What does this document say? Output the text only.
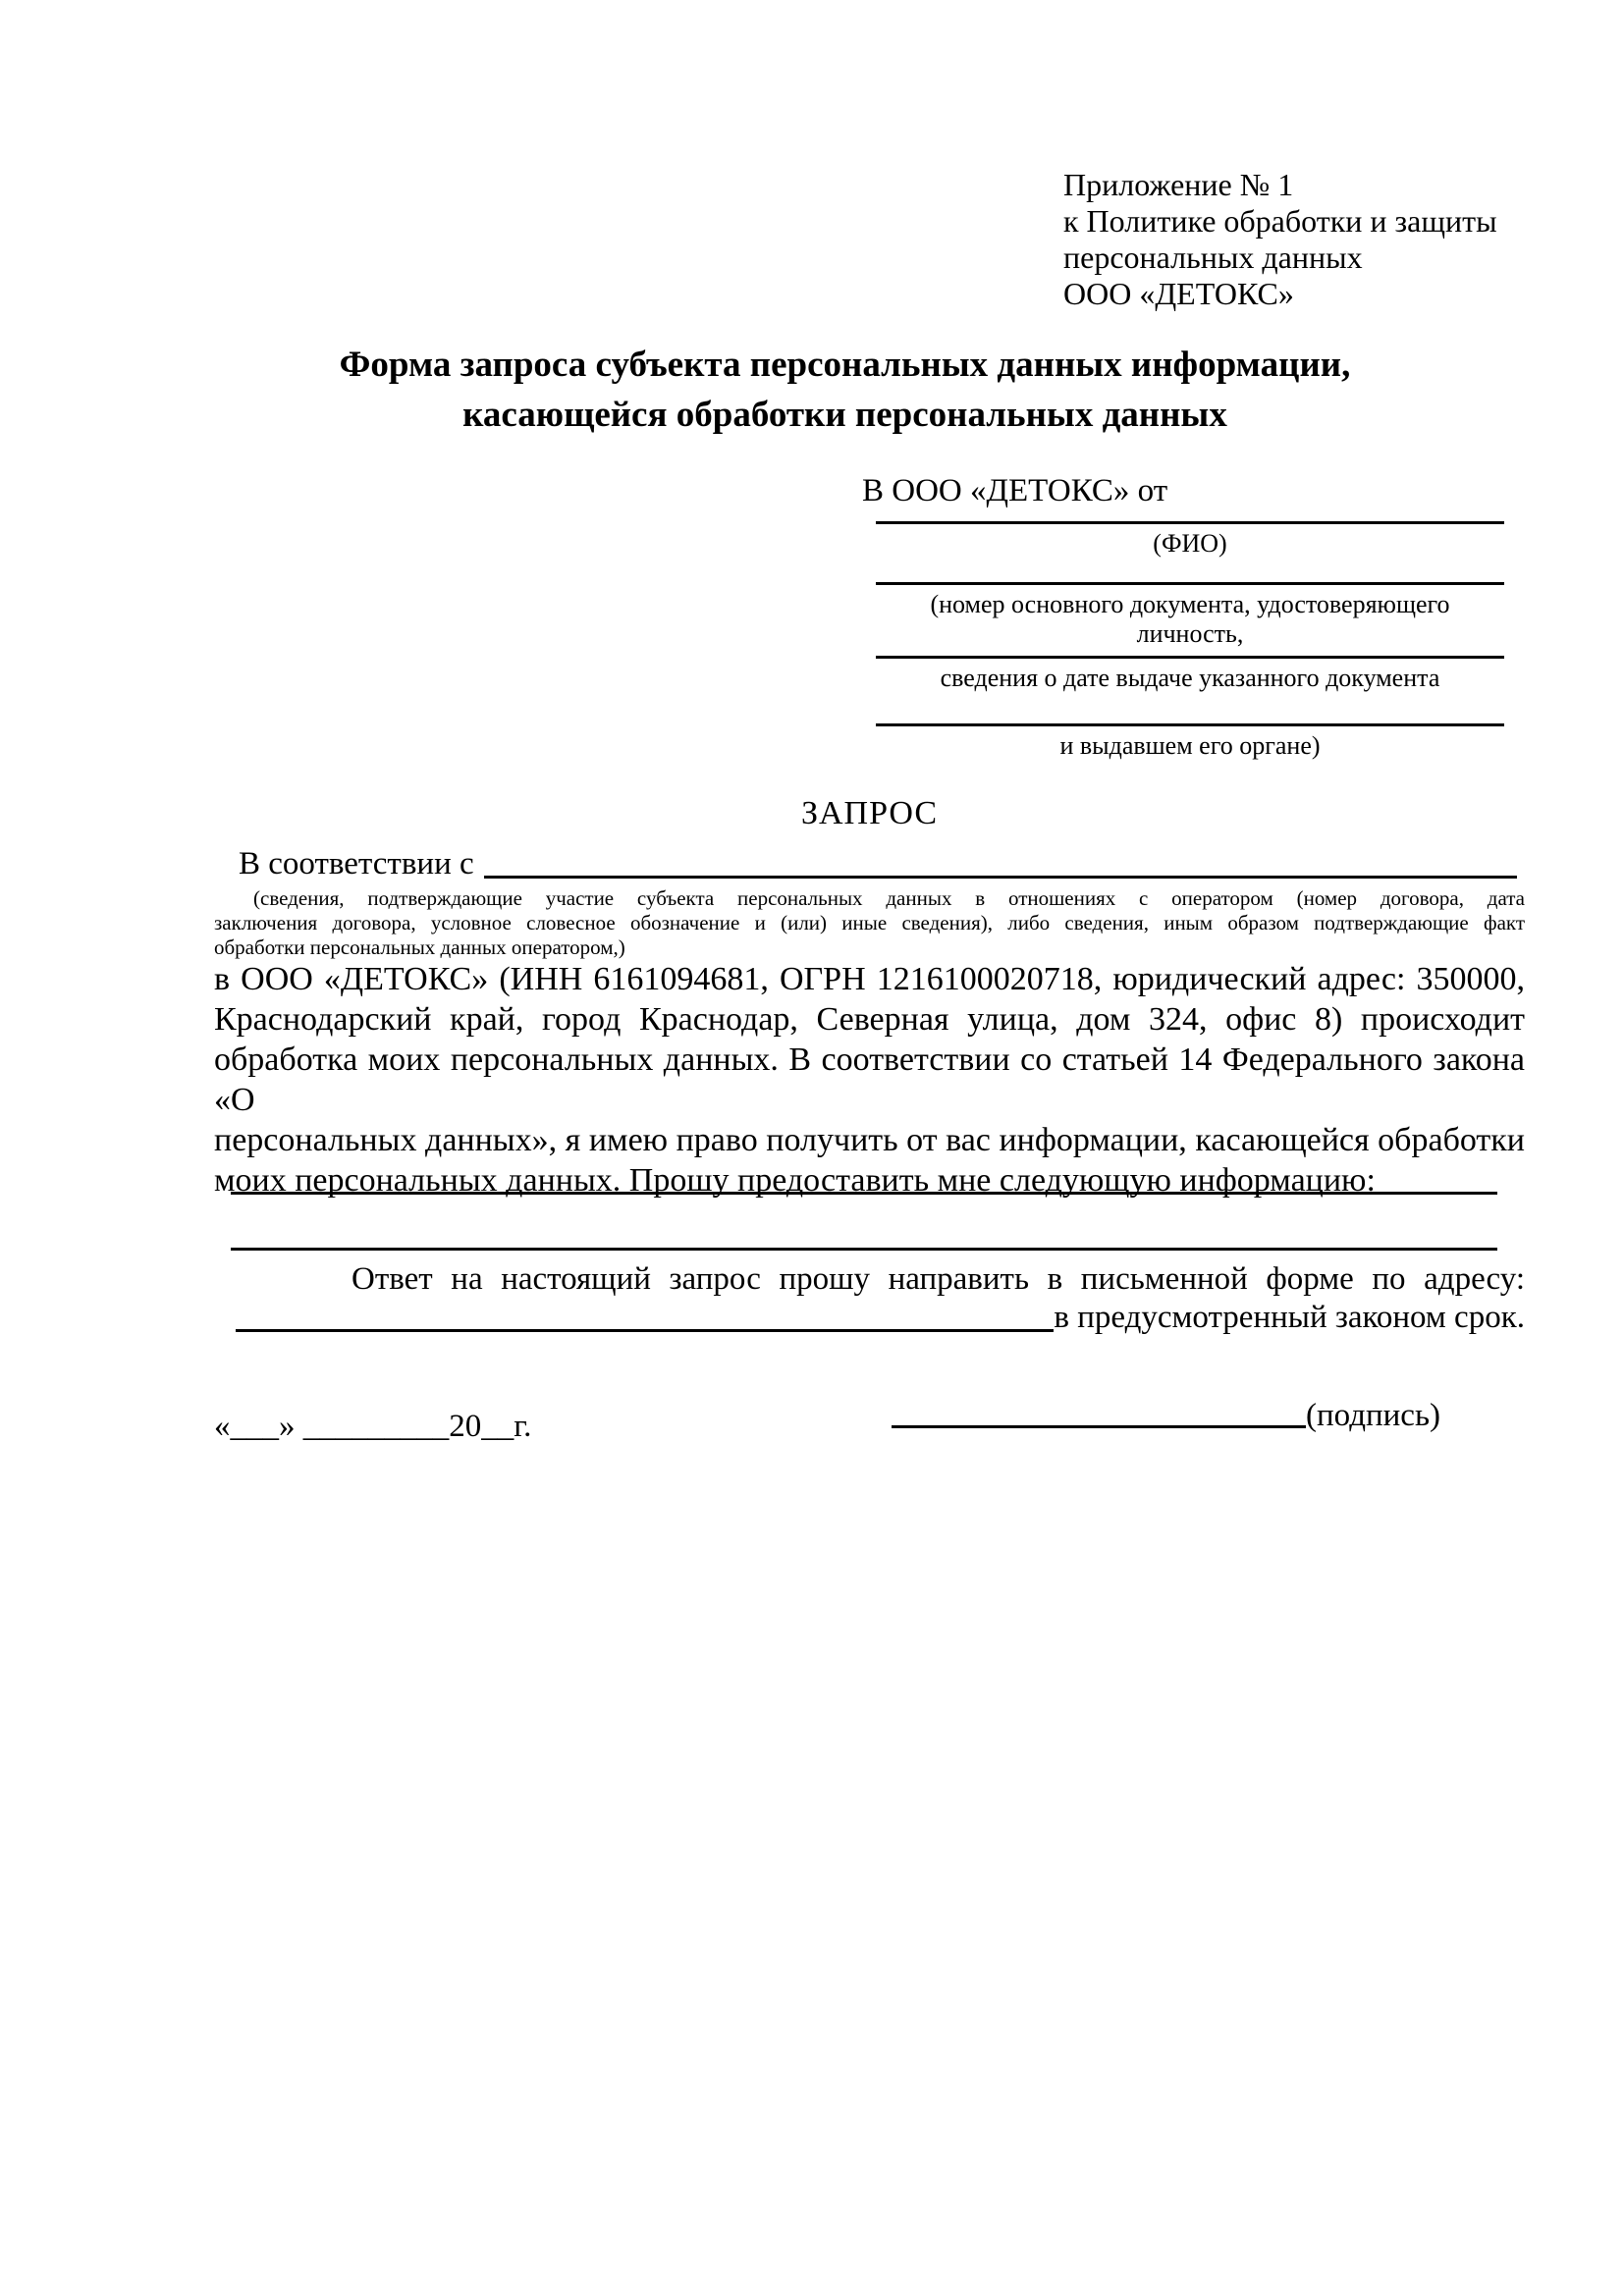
Приложение № 1
к Политике обработки и защиты
персональных данных
ООО «ДЕТОКС»
Форма запроса субъекта персональных данных информации,
касающейся обработки персональных данных
В ООО «ДЕТОКС» от
(ФИО)
(номер основного документа, удостоверяющего личность,
сведения о дате выдаче указанного документа
и выдавшем его органе)
ЗАПРОС
В соответствии с
(сведения, подтверждающие участие субъекта персональных данных в отношениях с оператором (номер договора, дата
заключения договора, условное словесное обозначение и (или) иные сведения), либо сведения, иным образом подтверждающие факт
обработки персональных данных оператором,)
в ООО «ДЕТОКС» (ИНН 6161094681, ОГРН 1216100020718, юридический адрес: 350000,
Краснодарский край, город Краснодар, Северная улица, дом 324, офис 8) происходит
обработка моих персональных данных. В соответствии со статьей 14 Федерального закона «О
персональных данных», я имею право получить от вас информации, касающейся обработки
моих персональных данных. Прошу предоставить мне следующую информацию:
Ответ на настоящий запрос прошу направить в письменной форме по адресу:
в предусмотренный законом срок.
«___» _________20__г.	(подпись)
